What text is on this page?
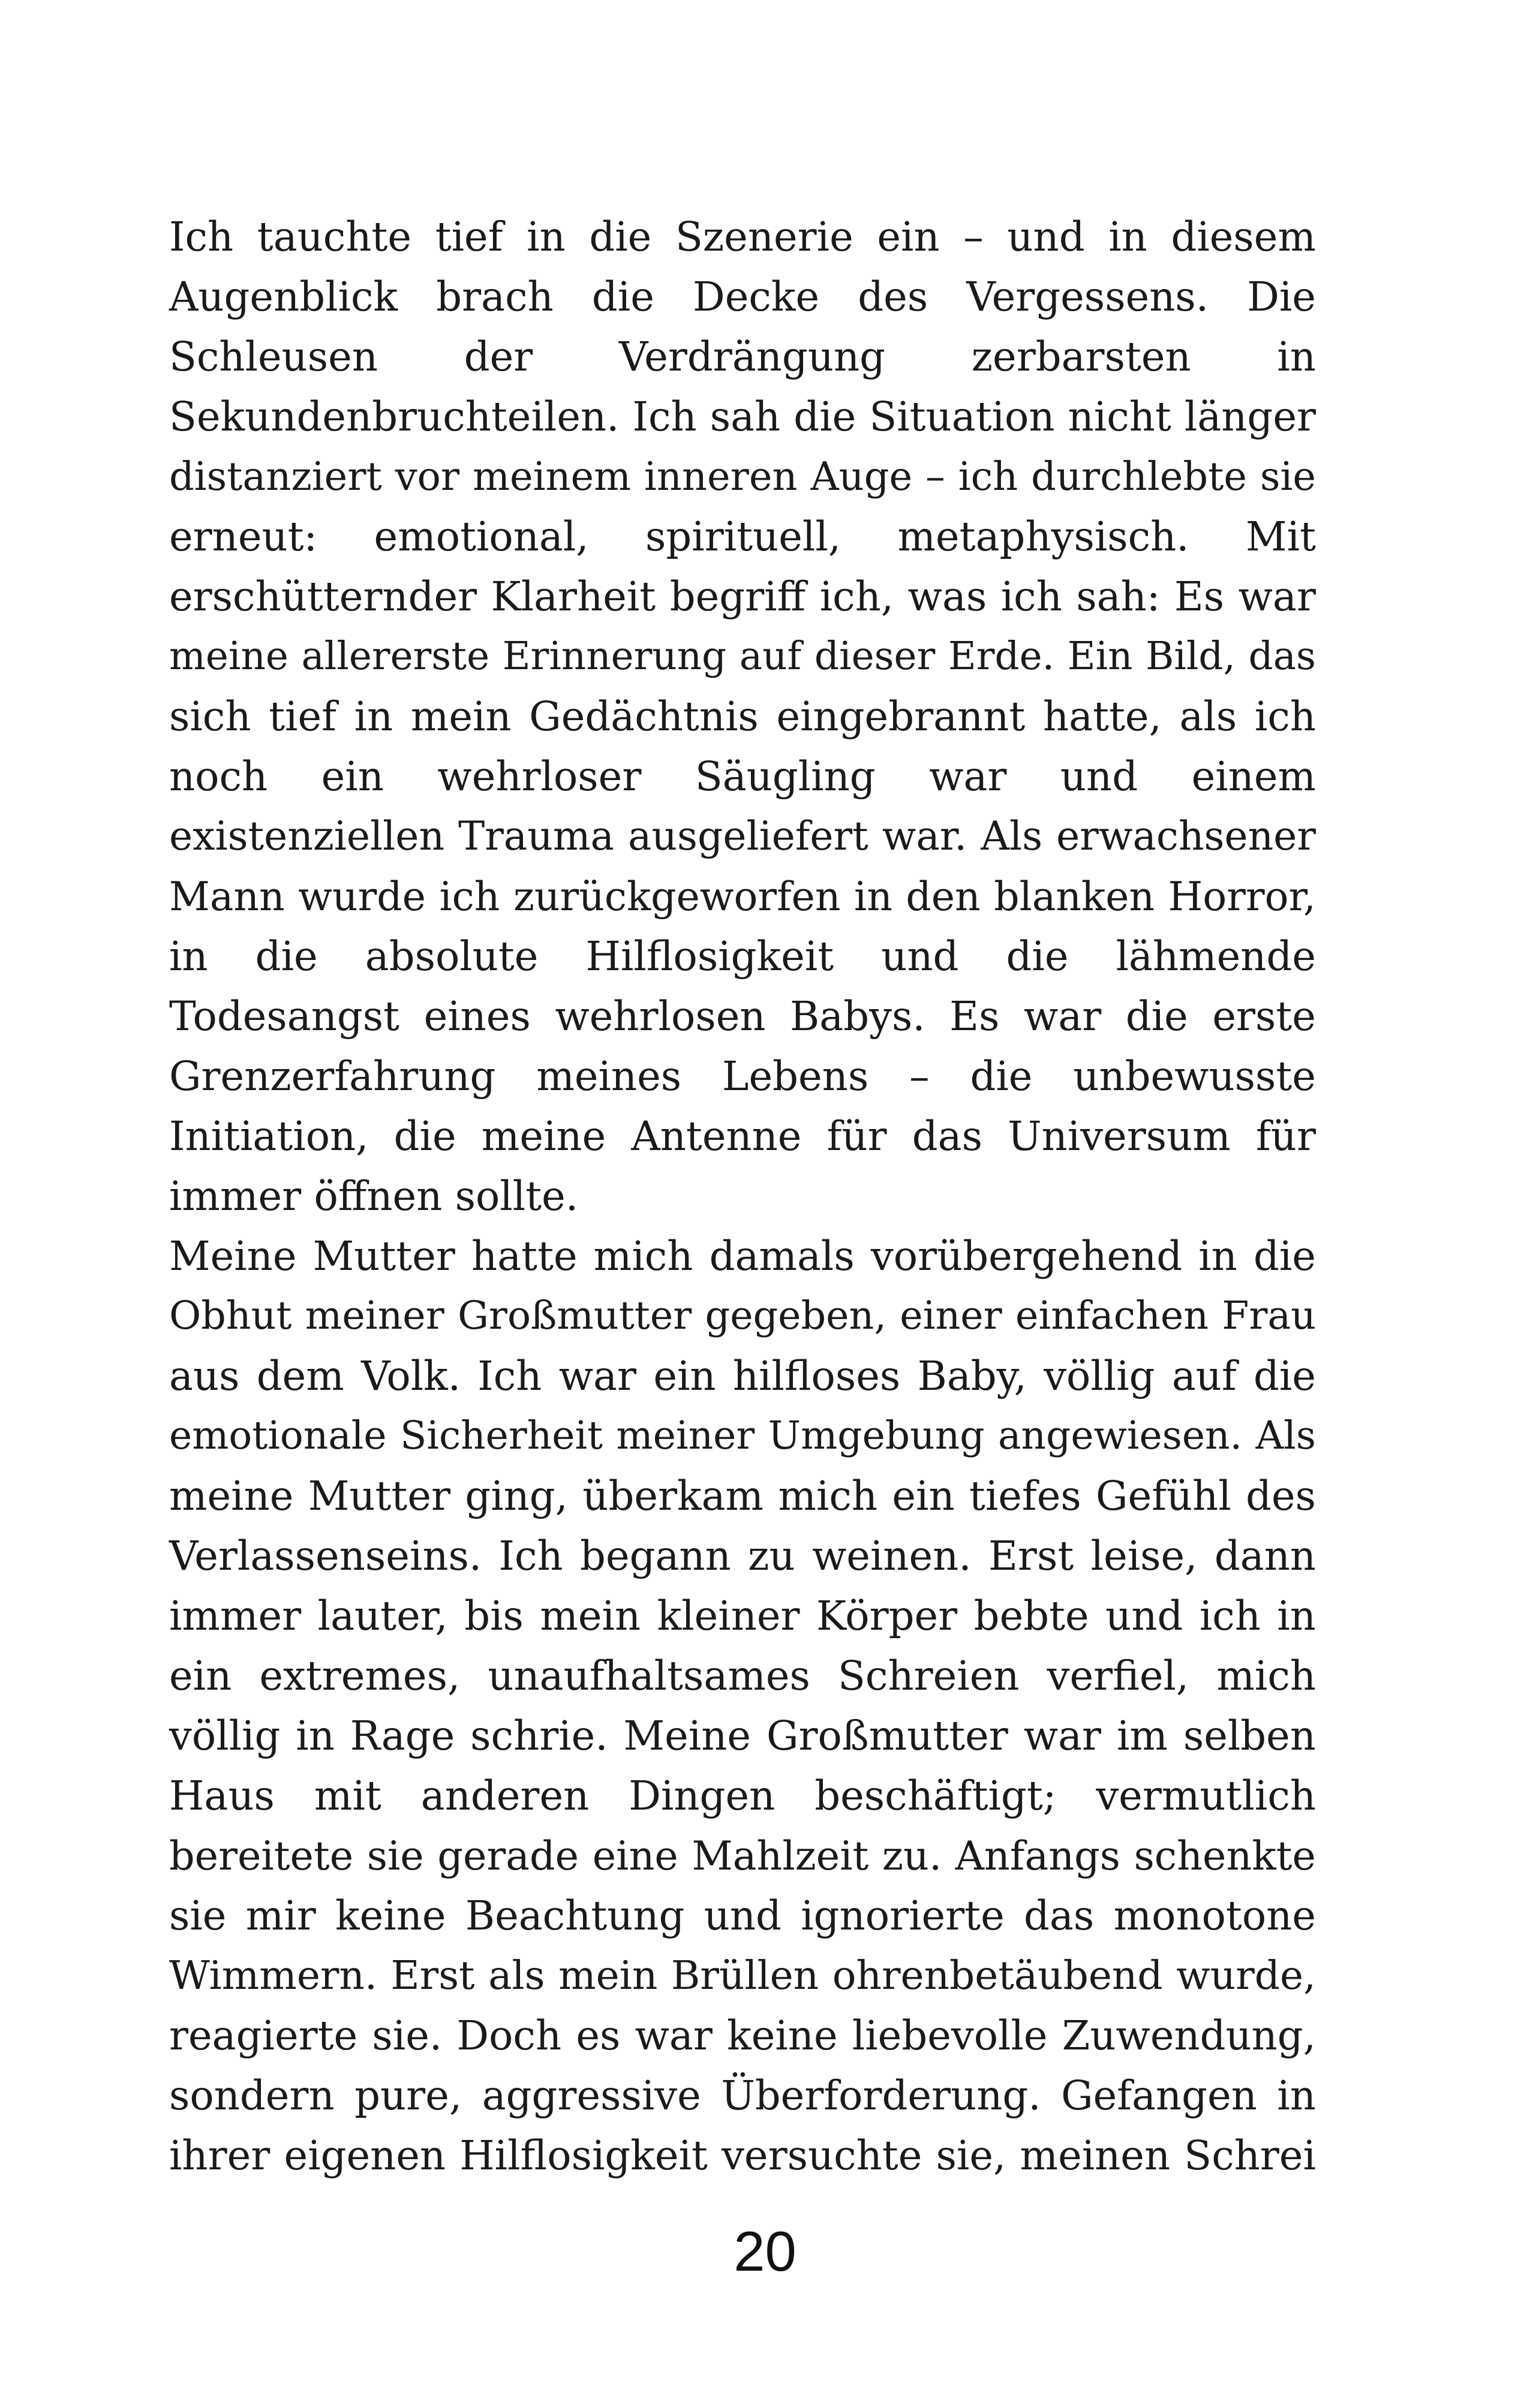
Ich tauchte tief in die Szenerie ein – und in diesem
Augenblick brach die Decke des Vergessens. Die
Schleusen der Verdrängung zerbarsten in
Sekundenbruchteilen. Ich sah die Situation nicht länger
distanziert vor meinem inneren Auge – ich durchlebte sie
erneut: emotional, spirituell, metaphysisch. Mit
erschütternder Klarheit begriff ich, was ich sah: Es war
meine allererste Erinnerung auf dieser Erde. Ein Bild, das
sich tief in mein Gedächtnis eingebrannt hatte, als ich
noch ein wehrloser Säugling war und einem
existenziellen Trauma ausgeliefert war. Als erwachsener
Mann wurde ich zurückgeworfen in den blanken Horror,
in die absolute Hilflosigkeit und die lähmende
Todesangst eines wehrlosen Babys. Es war die erste
Grenzerfahrung meines Lebens – die unbewusste
Initiation, die meine Antenne für das Universum für
immer öffnen sollte.
Meine Mutter hatte mich damals vorübergehend in die
Obhut meiner Großmutter gegeben, einer einfachen Frau
aus dem Volk. Ich war ein hilfloses Baby, völlig auf die
emotionale Sicherheit meiner Umgebung angewiesen. Als
meine Mutter ging, überkam mich ein tiefes Gefühl des
Verlassenseins. Ich begann zu weinen. Erst leise, dann
immer lauter, bis mein kleiner Körper bebte und ich in
ein extremes, unaufhaltsames Schreien verfiel, mich
völlig in Rage schrie. Meine Großmutter war im selben
Haus mit anderen Dingen beschäftigt; vermutlich
bereitete sie gerade eine Mahlzeit zu. Anfangs schenkte
sie mir keine Beachtung und ignorierte das monotone
Wimmern. Erst als mein Brüllen ohrenbetäubend wurde,
reagierte sie. Doch es war keine liebevolle Zuwendung,
sondern pure, aggressive Überforderung. Gefangen in
ihrer eigenen Hilflosigkeit versuchte sie, meinen Schrei
20
